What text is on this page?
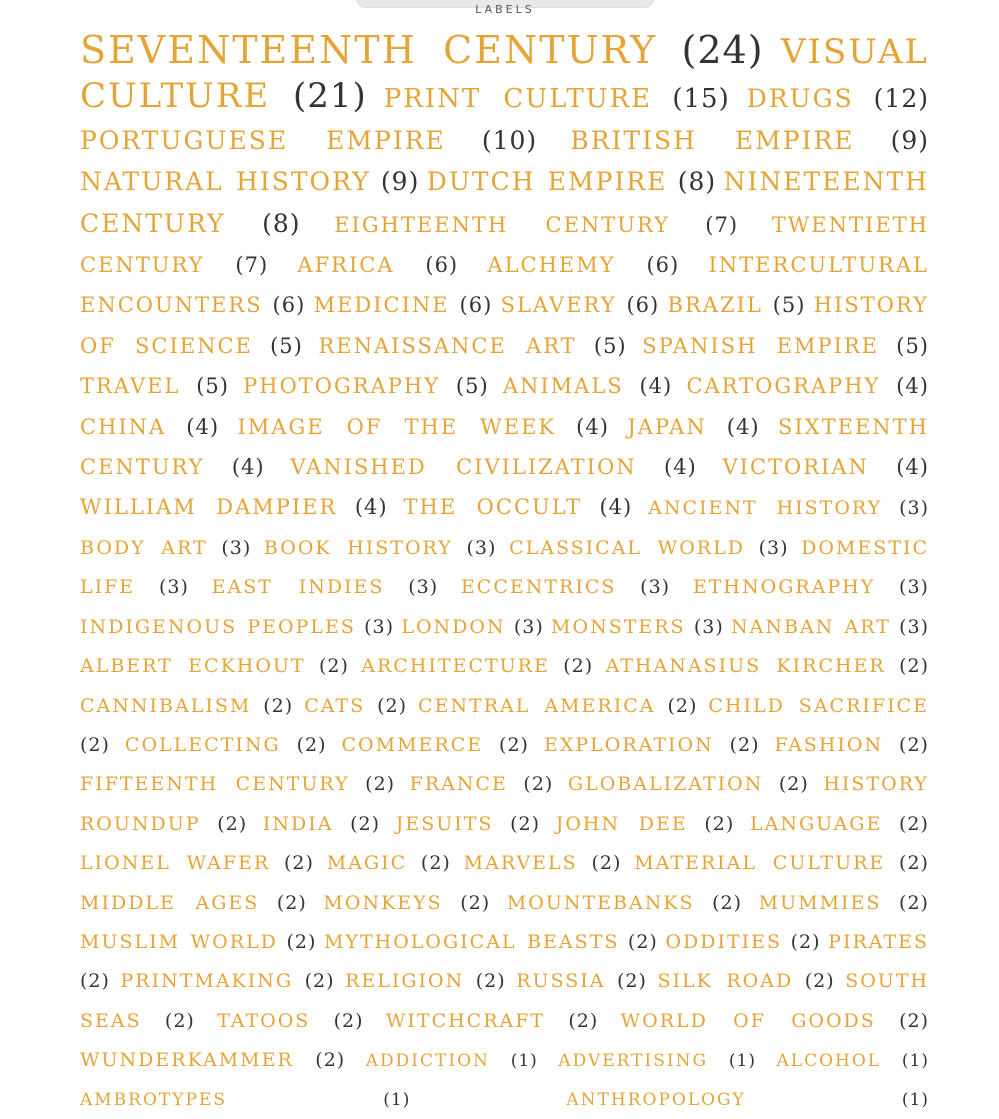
LABELS
SEVENTEENTH CENTURY (24) VISUAL CULTURE (21) PRINT CULTURE (15) DRUGS (12) PORTUGUESE EMPIRE (10) BRITISH EMPIRE (9) NATURAL HISTORY (9) DUTCH EMPIRE (8) NINETEENTH CENTURY (8) EIGHTEENTH CENTURY (7) TWENTIETH CENTURY (7) AFRICA (6) ALCHEMY (6) INTERCULTURAL ENCOUNTERS (6) MEDICINE (6) SLAVERY (6) BRAZIL (5) HISTORY OF SCIENCE (5) RENAISSANCE ART (5) SPANISH EMPIRE (5) TRAVEL (5) PHOTOGRAPHY (5) ANIMALS (4) CARTOGRAPHY (4) CHINA (4) IMAGE OF THE WEEK (4) JAPAN (4) SIXTEENTH CENTURY (4) VANISHED CIVILIZATION (4) VICTORIAN (4) WILLIAM DAMPIER (4) THE OCCULT (4) ANCIENT HISTORY (3) BODY ART (3) BOOK HISTORY (3) CLASSICAL WORLD (3) DOMESTIC LIFE (3) EAST INDIES (3) ECCENTRICS (3) ETHNOGRAPHY (3) INDIGENOUS PEOPLES (3) LONDON (3) MONSTERS (3) NANBAN ART (3) ALBERT ECKHOUT (2) ARCHITECTURE (2) ATHANASIUS KIRCHER (2) CANNIBALISM (2) CATS (2) CENTRAL AMERICA (2) CHILD SACRIFICE (2) COLLECTING (2) COMMERCE (2) EXPLORATION (2) FASHION (2) FIFTEENTH CENTURY (2) FRANCE (2) GLOBALIZATION (2) HISTORY ROUNDUP (2) INDIA (2) JESUITS (2) JOHN DEE (2) LANGUAGE (2) LIONEL WAFER (2) MAGIC (2) MARVELS (2) MATERIAL CULTURE (2) MIDDLE AGES (2) MONKEYS (2) MOUNTEBANKS (2) MUMMIES (2) MUSLIM WORLD (2) MYTHOLOGICAL BEASTS (2) ODDITIES (2) PIRATES (2) PRINTMAKING (2) RELIGION (2) RUSSIA (2) SILK ROAD (2) SOUTH SEAS (2) TATOOS (2) WITCHCRAFT (2) WORLD OF GOODS (2) WUNDERKAMMER (2) ADDICTION (1) ADVERTISING (1) ALCOHOL (1) AMBROTYPES	(1)	ANTHROPOLOGY	(1)
